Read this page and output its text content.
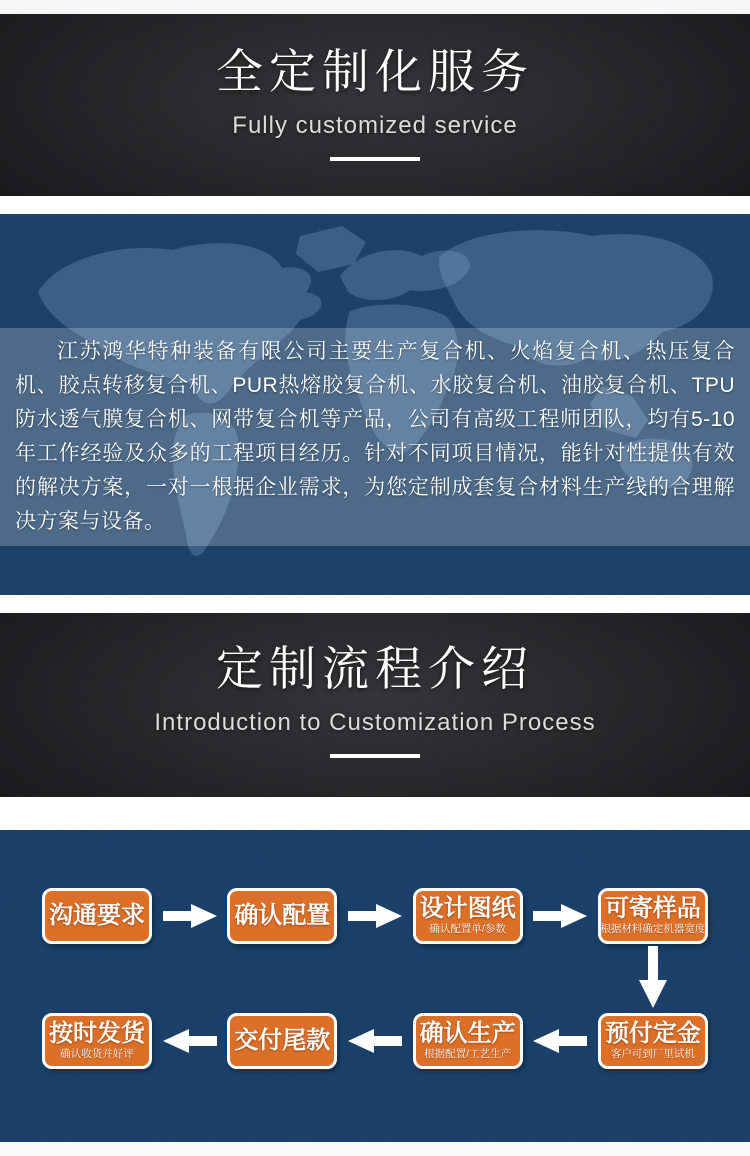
全定制化服务
Fully customized service

江苏鸿华特种装备有限公司主要生产复合机、火焰复合机、热压复合机、胶点转移复合机、PUR热熔胶复合机、水胶复合机、油胶复合机、TPU防水透气膜复合机、网带复合机等产品，公司有高级工程师团队，均有5-10年工作经验及众多的工程项目经历。针对不同项目情况，能针对性提供有效的解决方案，一对一根据企业需求，为您定制成套复合材料生产线的合理解决方案与设备。

定制流程介绍
Introduction to Customization Process
沟通要求	确认配置	设计图纸
确认配置单/参数
可寄样品
根据材料确定机器宽度
按时发货
确认收货并好评	交付尾款	确认生产
根据配置/工艺生产
预付定金
客户可到厂里试机
